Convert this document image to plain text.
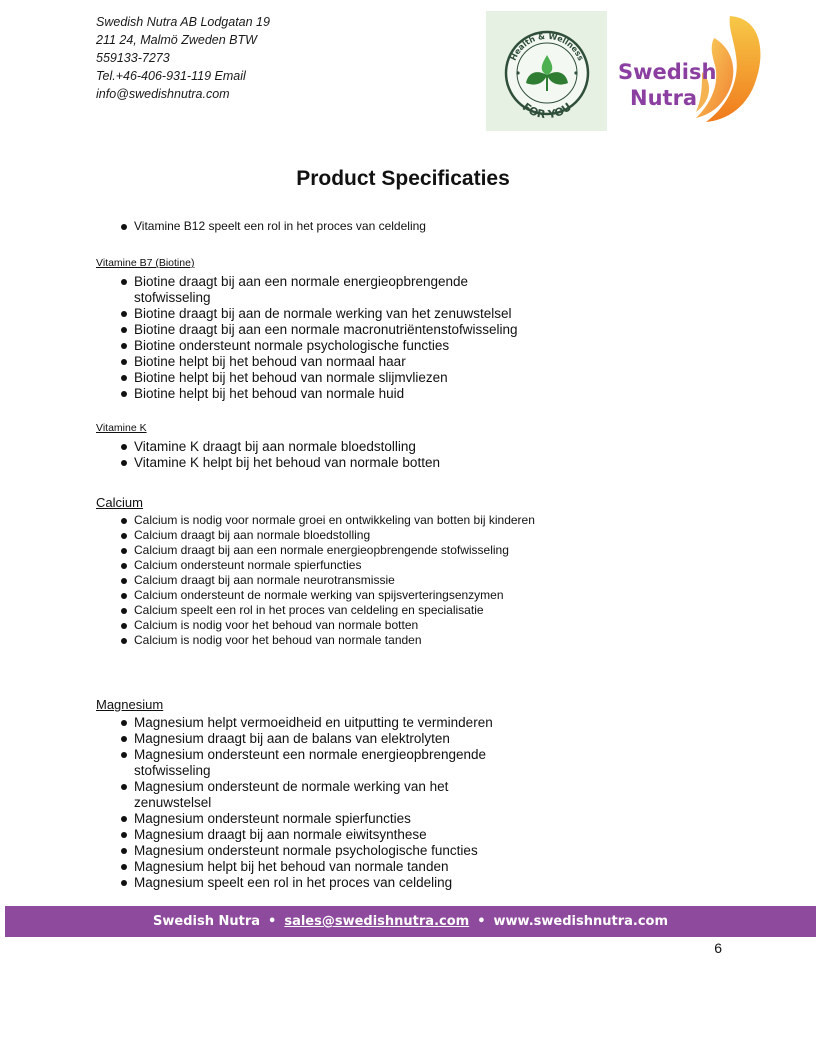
Swedish Nutra AB Lodgatan 19
211 24, Malmö Zweden BTW
559133-7273
Tel.+46-406-931-119 Email
info@swedishnutra.com
Health & Wellness
FOR YOU
Swedish
Nutra
Product Specificaties
Vitamine B12 speelt een rol in het proces van celdeling
Vitamine B7 (Biotine)
Biotine draagt bij aan een normale energieopbrengende stofwisseling
Biotine draagt bij aan de normale werking van het zenuwstelsel
Biotine draagt bij aan een normale macronutriëntenstofwisseling
Biotine ondersteunt normale psychologische functies
Biotine helpt bij het behoud van normaal haar
Biotine helpt bij het behoud van normale slijmvliezen
Biotine helpt bij het behoud van normale huid
Vitamine K
Vitamine K draagt bij aan normale bloedstolling
Vitamine K helpt bij het behoud van normale botten
Calcium
Calcium is nodig voor normale groei en ontwikkeling van botten bij kinderen
Calcium draagt bij aan normale bloedstolling
Calcium draagt bij aan een normale energieopbrengende stofwisseling
Calcium ondersteunt normale spierfuncties
Calcium draagt bij aan normale neurotransmissie
Calcium ondersteunt de normale werking van spijsverteringsenzymen
Calcium speelt een rol in het proces van celdeling en specialisatie
Calcium is nodig voor het behoud van normale botten
Calcium is nodig voor het behoud van normale tanden
Magnesium
Magnesium helpt vermoeidheid en uitputting te verminderen
Magnesium draagt bij aan de balans van elektrolyten
Magnesium ondersteunt een normale energieopbrengende stofwisseling
Magnesium ondersteunt de normale werking van het zenuwstelsel
Magnesium ondersteunt normale spierfuncties
Magnesium draagt bij aan normale eiwitsynthese
Magnesium ondersteunt normale psychologische functies
Magnesium helpt bij het behoud van normale tanden
Magnesium speelt een rol in het proces van celdeling
Swedish Nutra • sales@swedishnutra.com • www.swedishnutra.com
6
